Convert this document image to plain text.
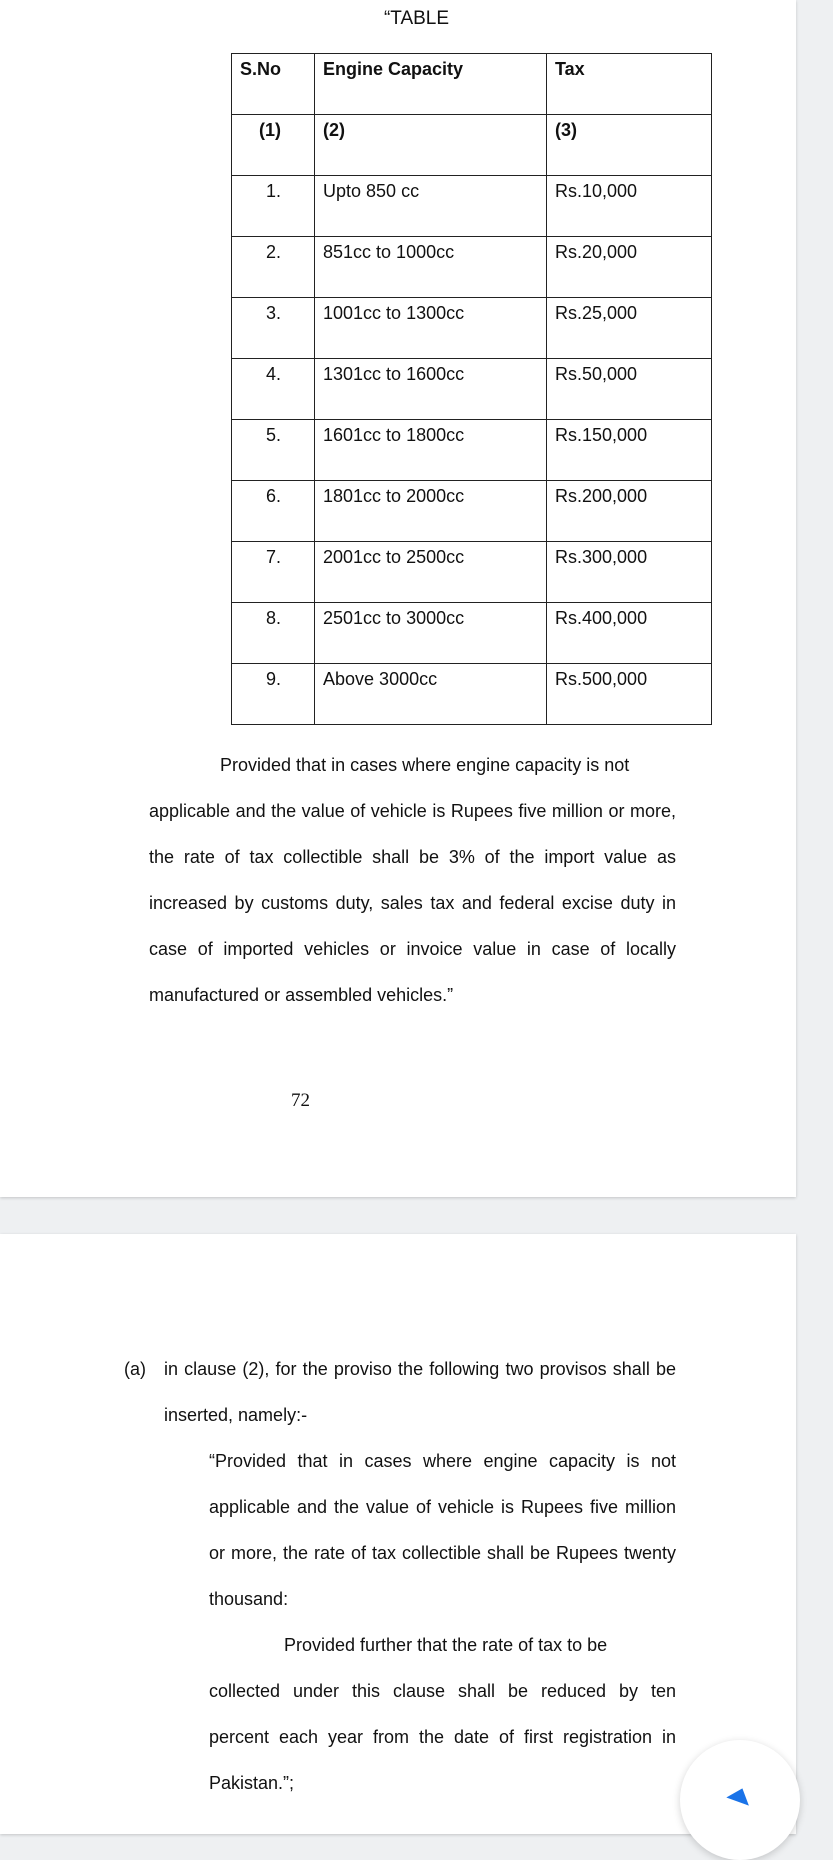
“TABLE
S.No	Engine Capacity	Tax

(1)	(2)	(3)

1.	Upto 850 cc	Rs.10,000

2.	851cc to 1000cc	Rs.20,000

3.	1001cc to 1300cc	Rs.25,000

4.	1301cc to 1600cc	Rs.50,000

5.	1601cc to 1800cc	Rs.150,000

6.	1801cc to 2000cc	Rs.200,000

7.	2001cc to 2500cc	Rs.300,000

8.	2501cc to 3000cc	Rs.400,000

9.	Above 3000cc	Rs.500,000
Provided that in cases where engine capacity is not
applicable and the value of vehicle is Rupees five million or more, the rate of tax collectible shall be 3% of the import value as increased by customs duty, sales tax and federal excise duty in case of imported vehicles or invoice value in case of locally manufactured or assembled vehicles.”
72
(a)	in clause (2), for the proviso the following two provisos shall be inserted, namely:-
“Provided that in cases where engine capacity is not applicable and the value of vehicle is Rupees five million or more, the rate of tax collectible shall be Rupees twenty thousand:
Provided further that the rate of tax to be
collected under this clause shall be reduced by ten percent each year from the date of first registration in Pakistan.”;
